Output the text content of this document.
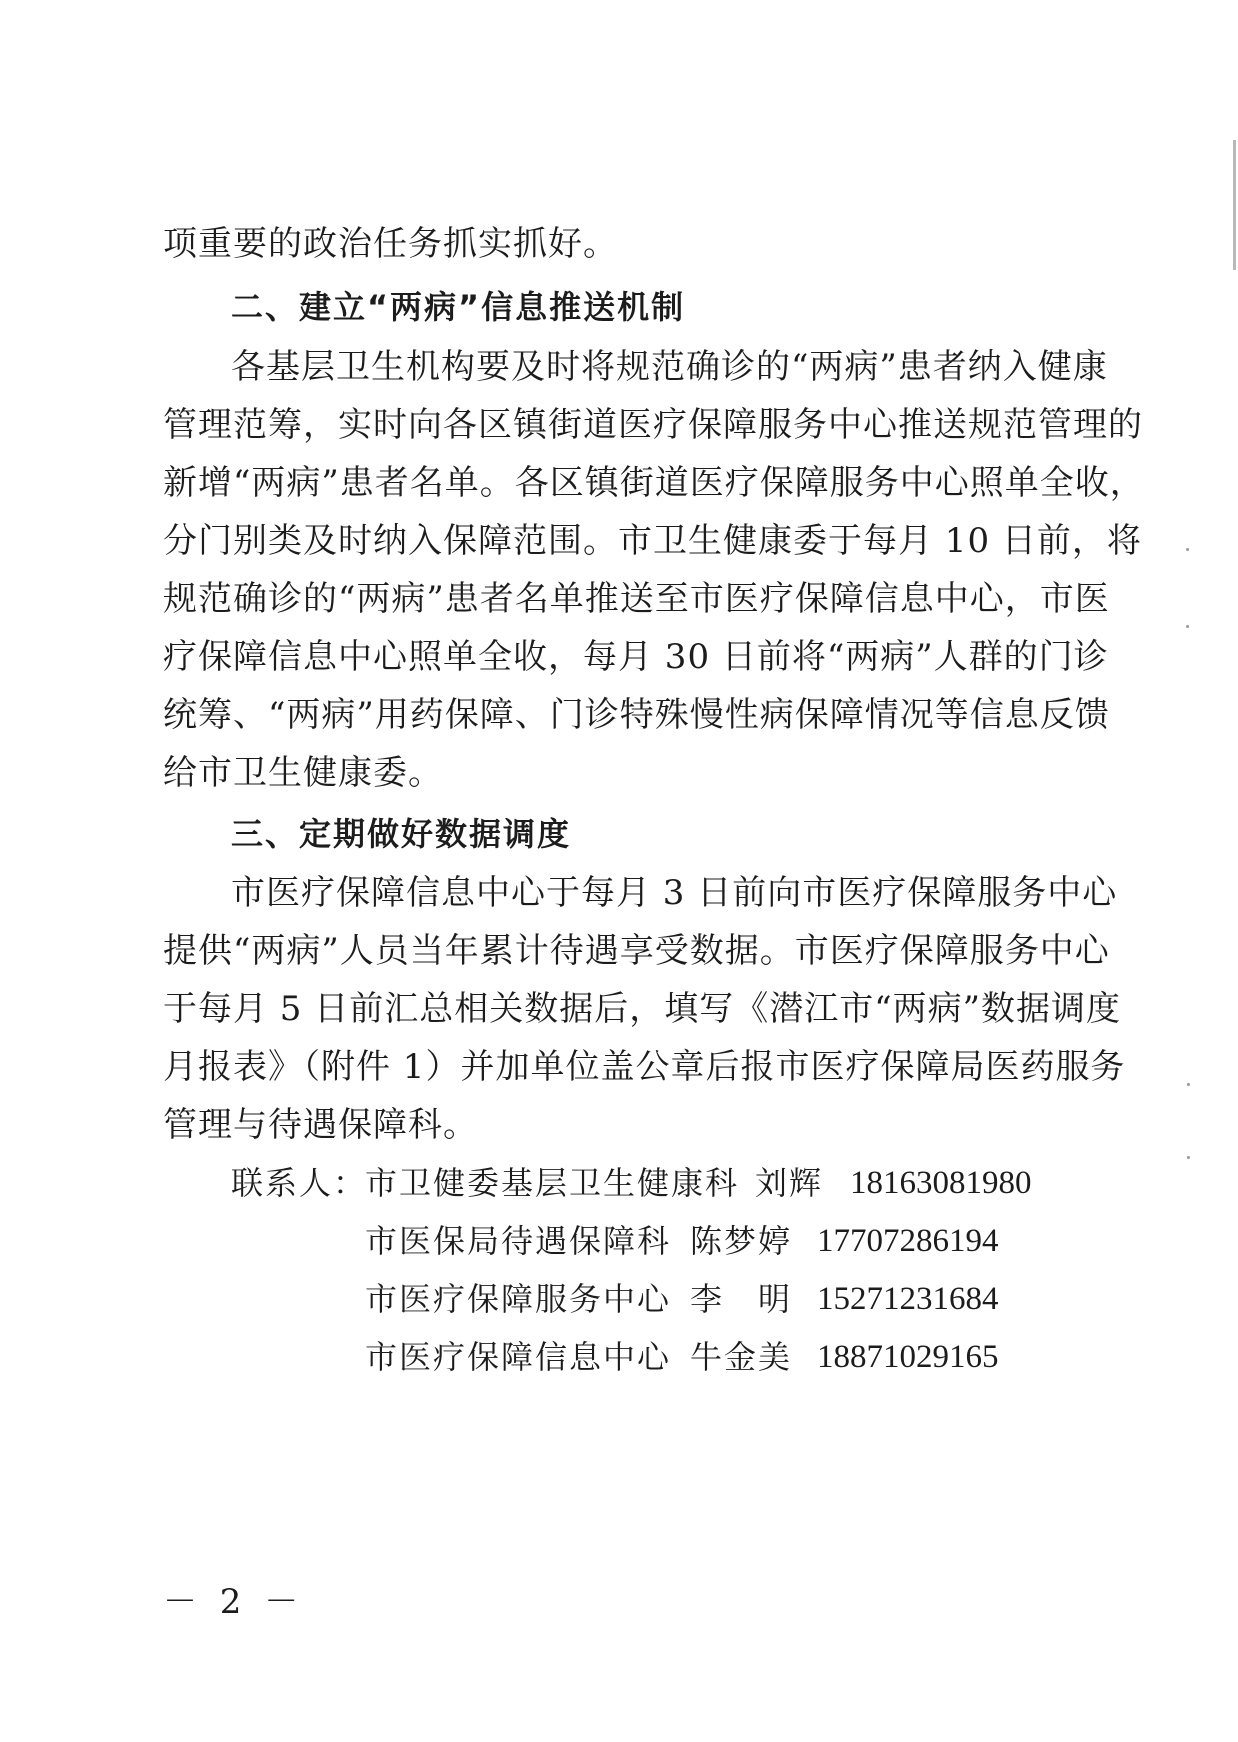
项重要的政治任务抓实抓好。
二、建立“两病”信息推送机制
各基层卫生机构要及时将规范确诊的“两病”患者纳入健康
管理范筹，实时向各区镇街道医疗保障服务中心推送规范管理的
新增“两病”患者名单。各区镇街道医疗保障服务中心照单全收，
分门别类及时纳入保障范围。市卫生健康委于每月 10 日前，将
规范确诊的“两病”患者名单推送至市医疗保障信息中心，市医
疗保障信息中心照单全收，每月 30 日前将“两病”人群的门诊
统筹、“两病”用药保障、门诊特殊慢性病保障情况等信息反馈
给市卫生健康委。
三、定期做好数据调度
市医疗保障信息中心于每月 3 日前向市医疗保障服务中心
提供“两病”人员当年累计待遇享受数据。市医疗保障服务中心
于每月 5 日前汇总相关数据后，填写《潜江市“两病”数据调度
月报表》（附件 1）并加单位盖公章后报市医疗保障局医药服务
管理与待遇保障科。
联系人：
市卫健委基层卫生健康科 刘辉 18163081980
市医保局待遇保障科 陈梦婷 17707286194
市医疗保障服务中心 李　明 15271231684
市医疗保障信息中心 牛金美 18871029165
－ 2 －
